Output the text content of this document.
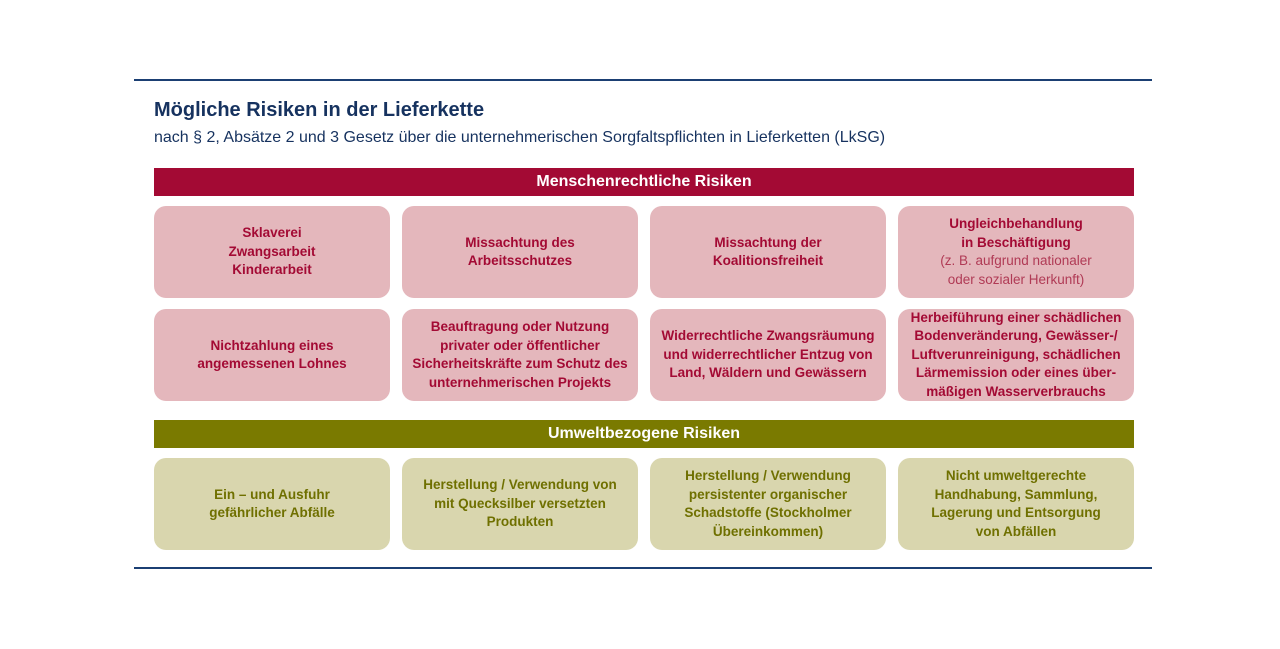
Mögliche Risiken in der Lieferkette
nach § 2, Absätze 2 und 3 Gesetz über die unternehmerischen Sorgfaltspflichten in Lieferketten (LkSG)
Menschenrechtliche Risiken
Sklaverei
Zwangsarbeit
Kinderarbeit
Missachtung des
Arbeitsschutzes
Missachtung der
Koalitionsfreiheit
Ungleichbehandlung
in Beschäftigung
(z. B. aufgrund nationaler
oder sozialer Herkunft)
Nichtzahlung eines
angemessenen Lohnes
Beauftragung oder Nutzung
privater oder öffentlicher
Sicherheitskräfte zum Schutz des
unternehmerischen Projekts
Widerrechtliche Zwangsräumung
und widerrechtlicher Entzug von
Land, Wäldern und Gewässern
Herbeiführung einer schädlichen
Bodenveränderung, Gewässer-/
Luftverunreinigung, schädlichen
Lärmemission oder eines über-
mäßigen Wasserverbrauchs
Umweltbezogene Risiken
Ein – und Ausfuhr
gefährlicher Abfälle
Herstellung / Verwendung von
mit Quecksilber versetzten
Produkten
Herstellung / Verwendung
persistenter organischer
Schadstoffe (Stockholmer
Übereinkommen)
Nicht umweltgerechte
Handhabung, Sammlung,
Lagerung und Entsorgung
von Abfällen
